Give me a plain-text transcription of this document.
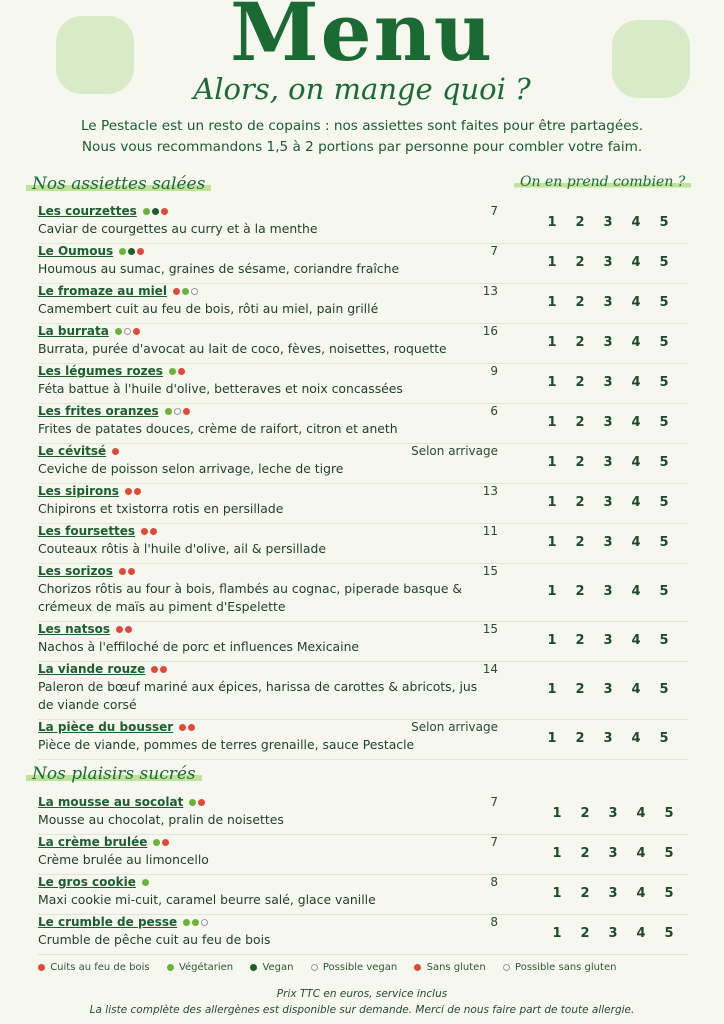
Menu
Alors, on mange quoi ?
Le Pestacle est un resto de copains : nos assiettes sont faites pour être partagées.
Nous vous recommandons 1,5 à 2 portions par personne pour combler votre faim.
Nos assiettes salées	On en prend combien ?
Les courzettes	7
Caviar de courgettes au curry et à la menthe	1	2	3	4	5
Le Oumous	7
Houmous au sumac, graines de sésame, coriandre fraîche	1	2	3	4	5
Le fromaze au miel	13
Camembert cuit au feu de bois, rôti au miel, pain grillé	1	2	3	4	5
La burrata	16
Burrata, purée d'avocat au lait de coco, fèves, noisettes, roquette	1	2	3	4	5
Les légumes rozes	9
Féta battue à l'huile d'olive, betteraves et noix concassées	1	2	3	4	5
Les frites oranzes	6
Frites de patates douces, crème de raifort, citron et aneth	1	2	3	4	5
Le cévitsé	Selon arrivage
Ceviche de poisson selon arrivage, leche de tigre	1	2	3	4	5
Les sipirons	13
Chipirons et txistorra rotis en persillade	1	2	3	4	5
Les foursettes	11
Couteaux rôtis à l'huile d'olive, ail & persillade	1	2	3	4	5
Les sorizos	15
Chorizos rôtis au four à bois, flambés au cognac, piperade basque & crémeux de maïs au piment d'Espelette
1	2	3	4	5
Les natsos	15
Nachos à l'effiloché de porc et influences Mexicaine	1	2	3	4	5
La viande rouze	14
Paleron de bœuf mariné aux épices, harissa de carottes & abricots, jus de viande corsé
1	2	3	4	5
La pièce du bousser	Selon arrivage
Pièce de viande, pommes de terres grenaille, sauce Pestacle	1	2	3	4	5
Nos plaisirs sucrés
La mousse au socolat	7
Mousse au chocolat, pralin de noisettes	1	2	3	4	5
La crème brulée	7
Crème brulée au limoncello	1	2	3	4	5
Le gros cookie	8
Maxi cookie mi-cuit, caramel beurre salé, glace vanille	1	2	3	4	5
Le crumble de pesse	8
Crumble de pêche cuit au feu de bois	1	2	3	4	5
Cuits au feu de bois	Végétarien	Vegan	Possible vegan	Sans gluten	Possible sans gluten
Prix TTC en euros, service inclus
La liste complète des allergènes est disponible sur demande. Merci de nous faire part de toute allergie.
